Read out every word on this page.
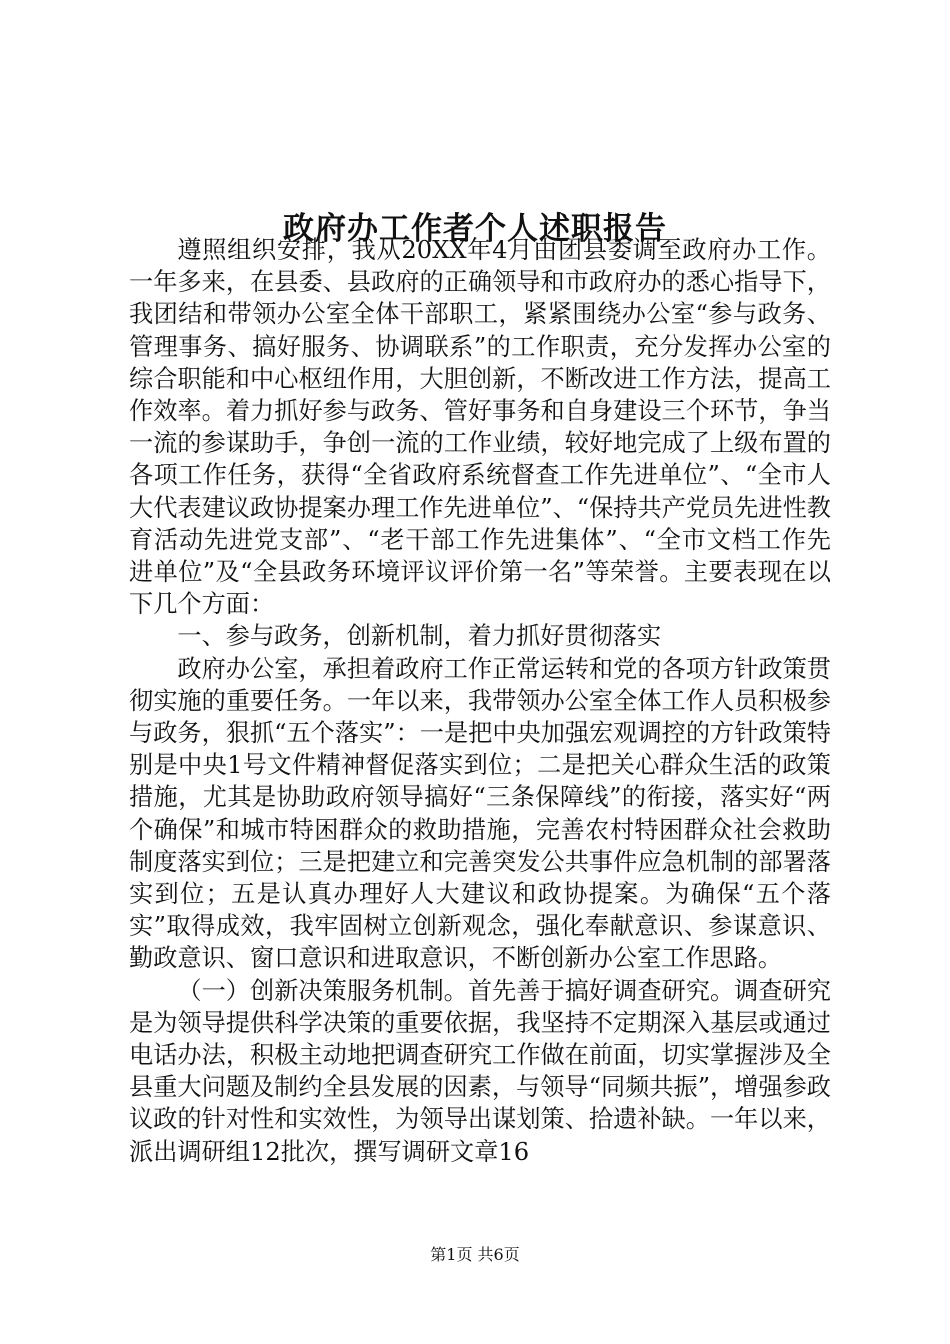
政府办工作者个人述职报告

遵照组织安排，我从20XX年4月由团县委调至政府办工作。一年多来，在县委、县政府的正确领导和市政府办的悉心指导下，我团结和带领办公室全体干部职工，紧紧围绕办公室“参与政务、管理事务、搞好服务、协调联系”的工作职责，充分发挥办公室的综合职能和中心枢纽作用，大胆创新，不断改进工作方法，提高工作效率。着力抓好参与政务、管好事务和自身建设三个环节，争当一流的参谋助手，争创一流的工作业绩，较好地完成了上级布置的各项工作任务，获得“全省政府系统督查工作先进单位”、“全市人大代表建议政协提案办理工作先进单位”、“保持共产党员先进性教育活动先进党支部”、“老干部工作先进集体”、“全市文档工作先进单位”及“全县政务环境评议评价第一名”等荣誉。主要表现在以下几个方面：

一、参与政务，创新机制，着力抓好贯彻落实

政府办公室，承担着政府工作正常运转和党的各项方针政策贯彻实施的重要任务。一年以来，我带领办公室全体工作人员积极参与政务，狠抓“五个落实”：一是把中央加强宏观调控的方针政策特别是中央1号文件精神督促落实到位；二是把关心群众生活的政策措施，尤其是协助政府领导搞好“三条保障线”的衔接，落实好“两个确保”和城市特困群众的救助措施，完善农村特困群众社会救助制度落实到位；三是把建立和完善突发公共事件应急机制的部署落实到位；五是认真办理好人大建议和政协提案。为确保“五个落实”取得成效，我牢固树立创新观念，强化奉献意识、参谋意识、勤政意识、窗口意识和进取意识，不断创新办公室工作思路。

（一）创新决策服务机制。首先善于搞好调查研究。调查研究是为领导提供科学决策的重要依据，我坚持不定期深入基层或通过电话办法，积极主动地把调查研究工作做在前面，切实掌握涉及全县重大问题及制约全县发展的因素，与领导“同频共振”，增强参政议政的针对性和实效性，为领导出谋划策、拾遗补缺。一年以来，派出调研组12批次，撰写调研文章16

第1页 共6页
